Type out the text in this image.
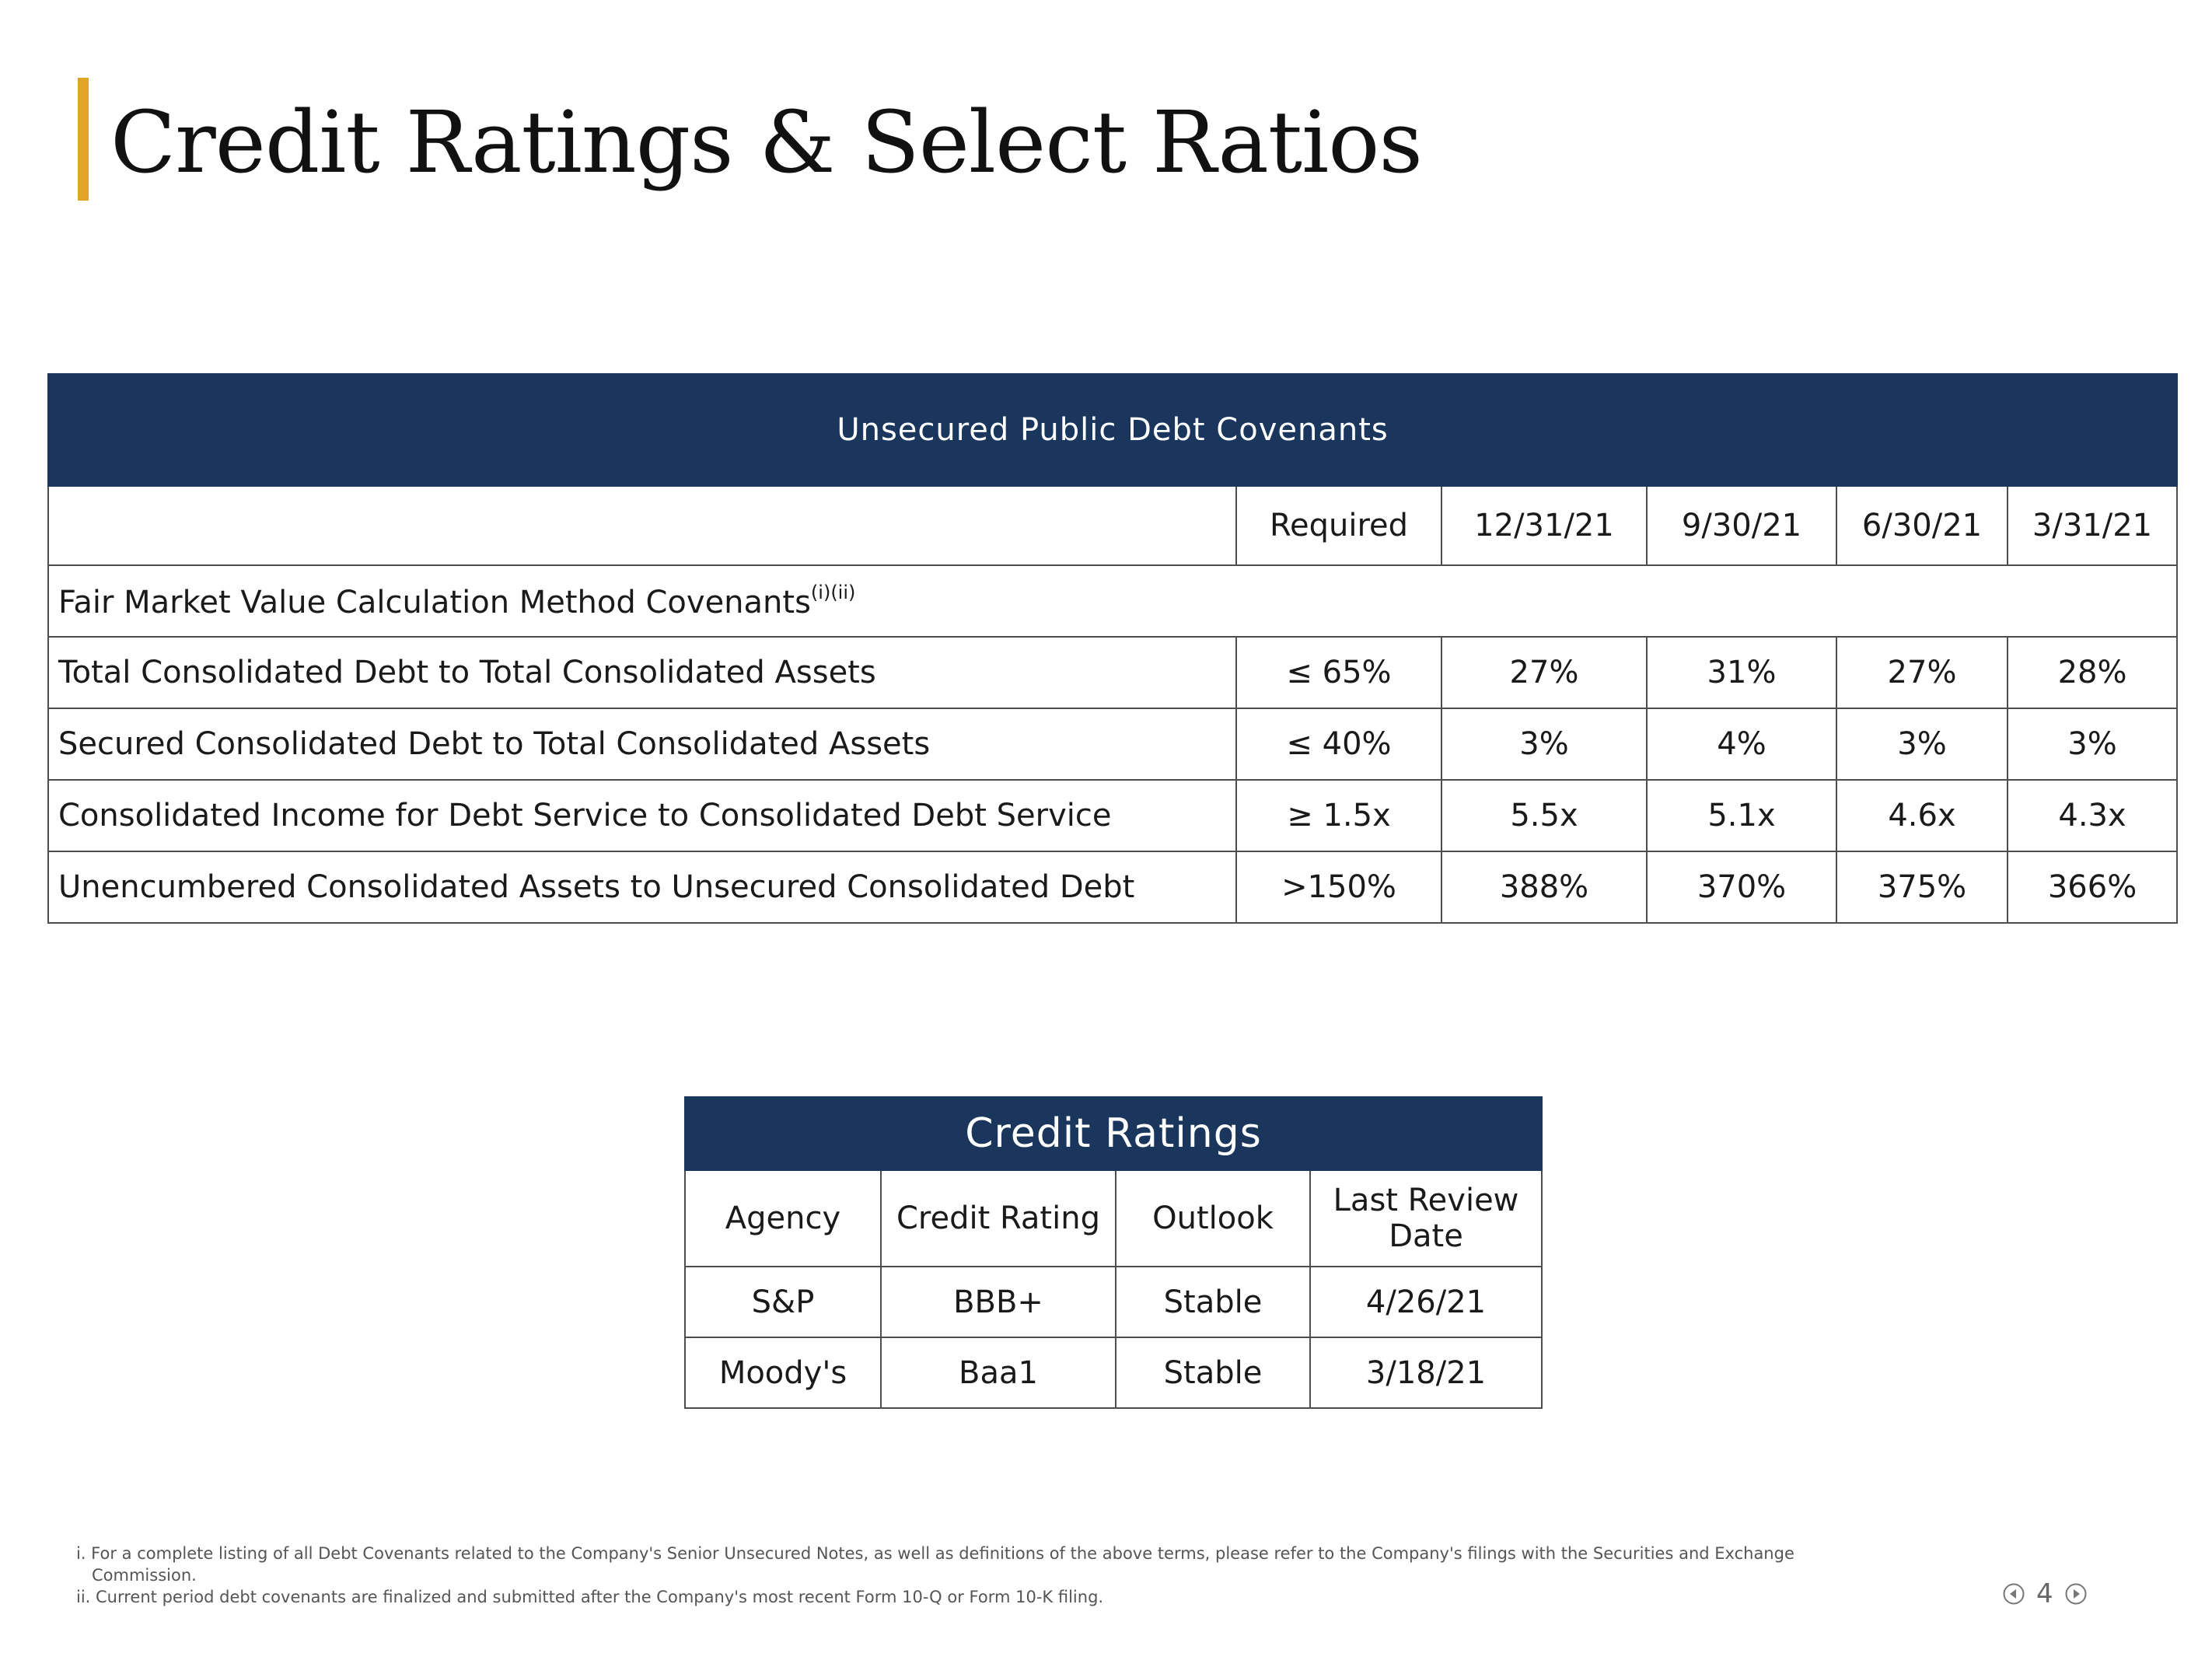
Credit Ratings & Select Ratios
Unsecured Public Debt Covenants					
	Required	12/31/21	9/30/21	6/30/21	3/31/21
Fair Market Value Calculation Method Covenants$^{(i)(ii)}$
Total Consolidated Debt to Total Consolidated Assets	≤ 65%	27%	31%	27%	28%
Secured Consolidated Debt to Total Consolidated Assets	≤ 40%	3%	4%	3%	3%
Consolidated Income for Debt Service to Consolidated Debt Service	≥ 1.5x	5.5x	5.1x	4.6x	4.3x
Unencumbered Consolidated Assets to Unsecured Consolidated Debt	>150%	388%	370%	375%	366%
Credit Ratings			
Agency	Credit Rating	Outlook	Last Review Date
S&P	BBB+	Stable	4/26/21
Moody's	Baa1	Stable	3/18/21

i. For a complete listing of all Debt Covenants related to the Company's Senior Unsecured Notes, as well as definitions of the above terms, please refer to the Company's filings with the Securities and Exchange

Commission.

ii. Current period debt covenants are finalized and submitted after the Company's most recent Form 10-Q or Form 10-K filing.	4
